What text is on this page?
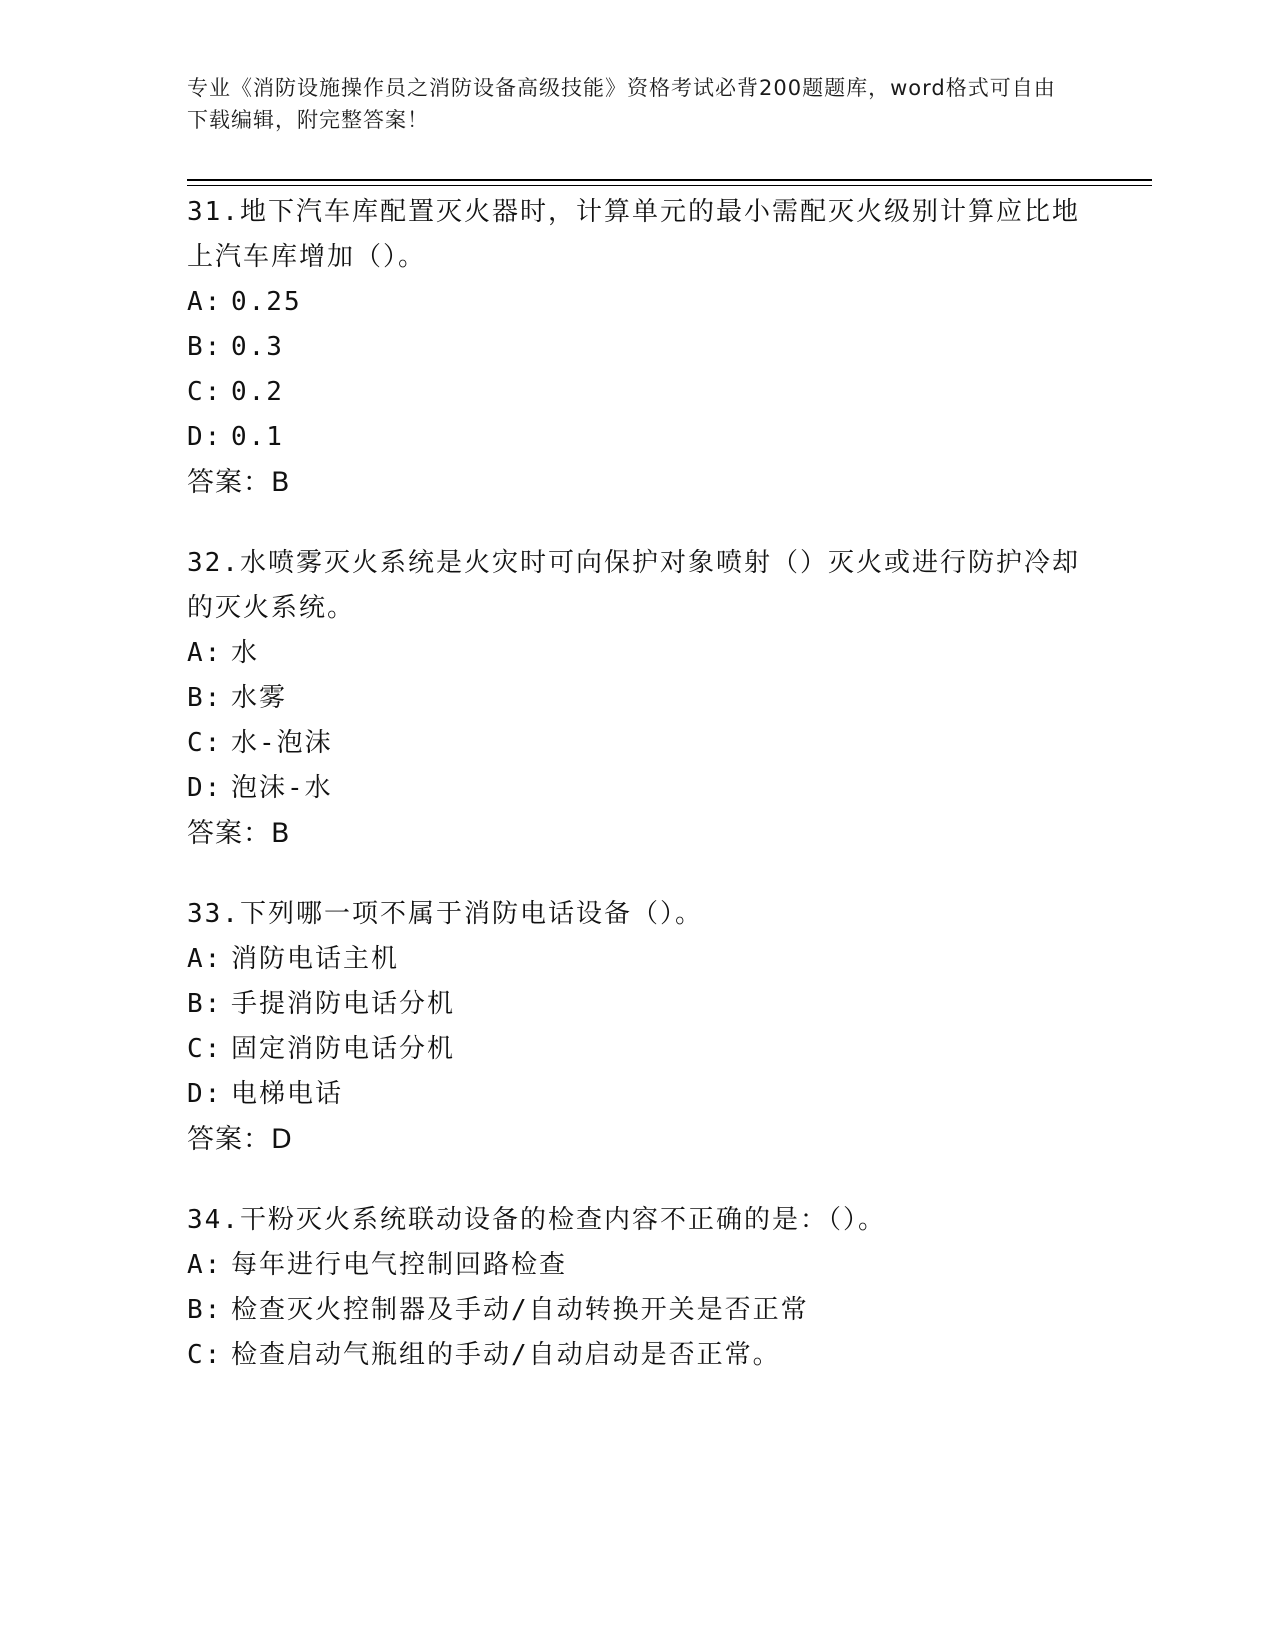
专业《消防设施操作员之消防设备高级技能》资格考试必背200题题库，word格式可自由下载编辑，附完整答案！

31.地下汽车库配置灭火器时，计算单元的最小需配灭火级别计算应比地上汽车库增加（）。

A: 0.25
B: 0.3
C: 0.2
D: 0.1
答案：B

32.水喷雾灭火系统是火灾时可向保护对象喷射（）灭火或进行防护冷却的灭火系统。

A: 水
B: 水雾
C: 水-泡沫
D: 泡沫-水
答案：B

33.下列哪一项不属于消防电话设备（）。

A: 消防电话主机
B: 手提消防电话分机
C: 固定消防电话分机
D: 电梯电话
答案：D

34.干粉灭火系统联动设备的检查内容不正确的是：（）。

A: 每年进行电气控制回路检查
B: 检查灭火控制器及手动/自动转换开关是否正常
C: 检查启动气瓶组的手动/自动启动是否正常。
